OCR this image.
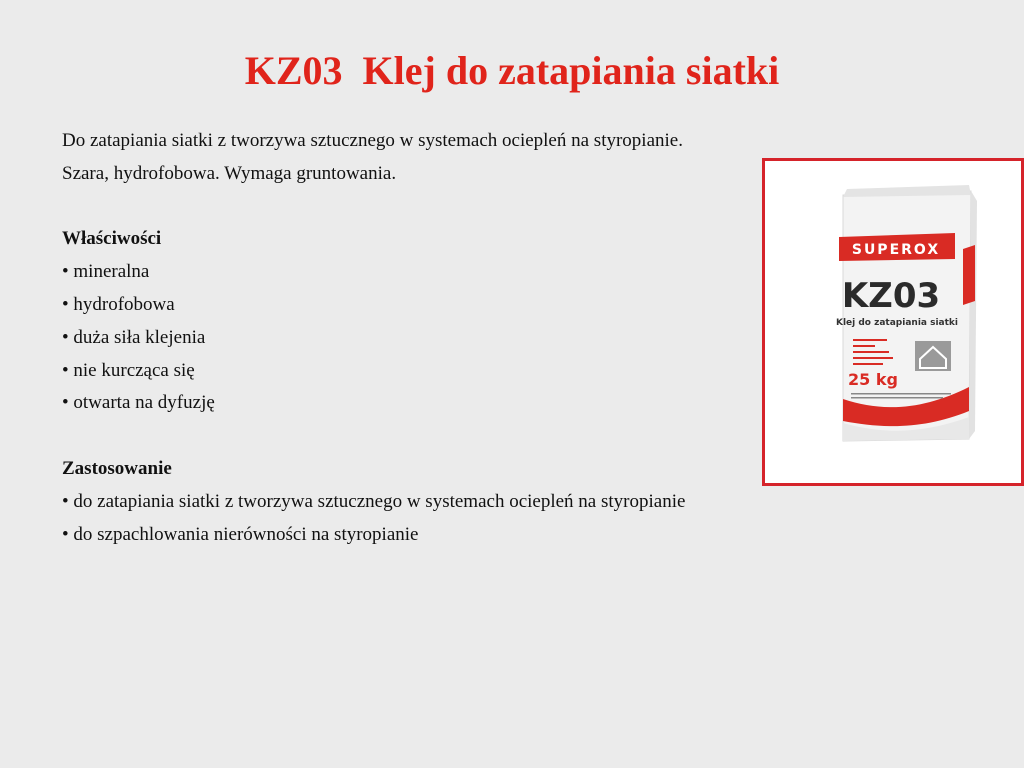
KZ03  Klej do zatapiania siatki

Do zatapiania siatki z tworzywa sztucznego w systemach ociepleń na styropianie.

Szara, hydrofobowa. Wymaga gruntowania.

Właściwości

• mineralna
• hydrofobowa
• duża siła klejenia
• nie kurcząca się
• otwarta na dyfuzję

Zastosowanie

• do zatapiania siatki z tworzywa sztucznego w systemach ociepleń na styropianie
• do szpachlowania nierówności na styropianie
SUPEROX
KZ03
Klej do zatapiania siatki
25 kg
